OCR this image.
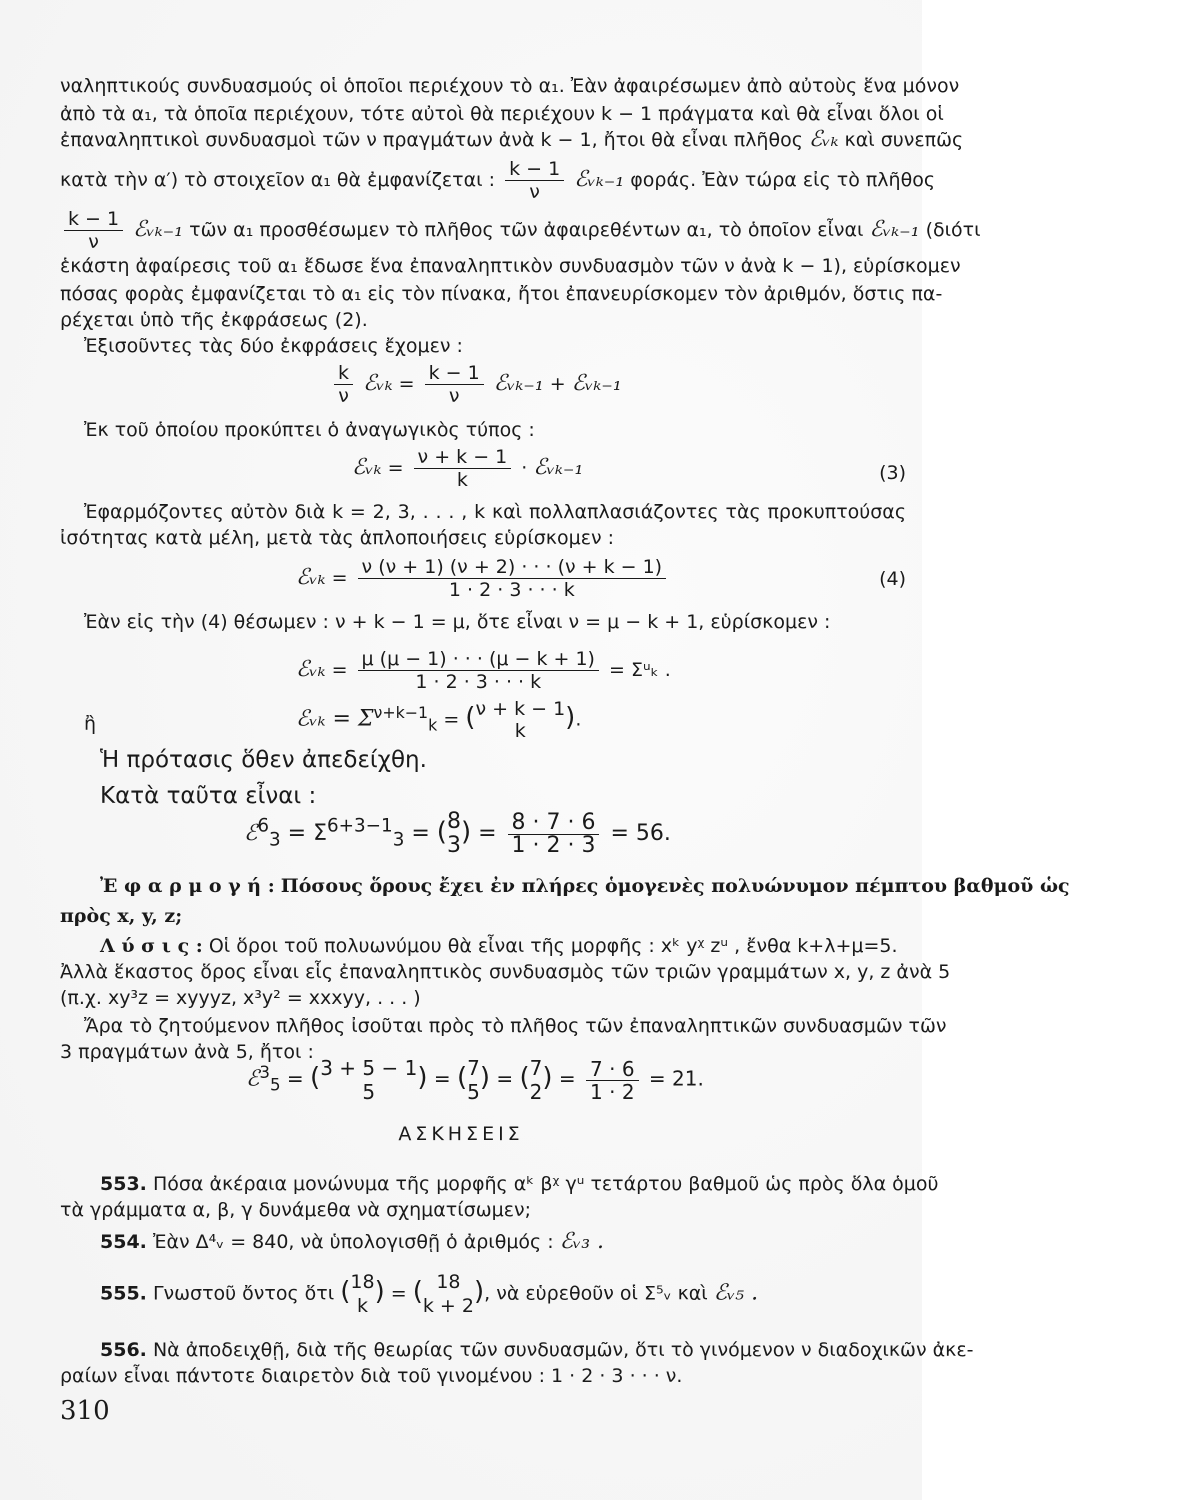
ναληπτικούς συνδυασμούς οἱ ὁποῖοι περιέχουν τὸ α₁. Ἐὰν ἀφαιρέσωμεν ἀπὸ αὐτοὺς ἕνα μόνον
ἀπὸ τὰ α₁, τὰ ὁποῖα περιέχουν, τότε αὐτοὶ θὰ περιέχουν k − 1 πράγματα καὶ θὰ εἶναι ὅλοι οἱ
ἐπαναληπτικοὶ συνδυασμοὶ τῶν ν πραγμάτων ἀνὰ k − 1, ἤτοι θὰ εἶναι πλῆθος ℰᵥₖ καὶ συνεπῶς
κατὰ τὴν α′) τὸ στοιχεῖον α₁ θὰ ἐμφανίζεται : $\frac{k - 1}{\nu}$ ℰᵥₖ₋₁ φοράς. Ἐὰν τώρα εἰς τὸ πλῆθος
$\frac{k - 1}{\nu}$ ℰᵥₖ₋₁ τῶν α₁ προσθέσωμεν τὸ πλῆθος τῶν ἀφαιρεθέντων α₁, τὸ ὁποῖον εἶναι ℰᵥₖ₋₁ (διότι
ἑκάστη ἀφαίρεσις τοῦ α₁ ἔδωσε ἕνα ἐπαναληπτικὸν συνδυασμὸν τῶν ν ἀνὰ k − 1), εὑρίσκομεν
πόσας φορὰς ἐμφανίζεται τὸ α₁ εἰς τὸν πίνακα, ἤτοι ἐπανευρίσκομεν τὸν ἀριθμόν, ὅστις πα-
ρέχεται ὑπὸ τῆς ἐκφράσεως (2).
Ἐξισοῦντες τὰς δύο ἐκφράσεις ἔχομεν :
$\frac{k}{\nu}$ ℰᵥₖ = $\frac{k - 1}{\nu}$ ℰᵥₖ₋₁ + ℰᵥₖ₋₁
Ἐκ τοῦ ὁποίου προκύπτει ὁ ἀναγωγικὸς τύπος :
ℰᵥₖ = $\frac{\nu + k - 1}{k}$ · ℰᵥₖ₋₁	(3)
Ἐφαρμόζοντες αὐτὸν διὰ k = 2, 3, . . . , k καὶ πολλαπλασιάζοντες τὰς προκυπτούσας
ἰσότητας κατὰ μέλη, μετὰ τὰς ἁπλοποιήσεις εὑρίσκομεν :
ℰᵥₖ = $\frac{\nu (\nu + 1) (\nu + 2) \cdot \cdot \cdot (\nu + k - 1)}{1 \cdot 2 \cdot 3 \cdot \cdot \cdot k}$	(4)
Ἐὰν εἰς τὴν (4) θέσωμεν : ν + k − 1 = μ, ὅτε εἶναι ν = μ − k + 1, εὑρίσκομεν :
ℰᵥₖ = $\frac{\mu (\mu - 1) \cdot \cdot \cdot (\mu - k + 1)}{1 \cdot 2 \cdot 3 \cdot \cdot \cdot k}$ = Σᵘₖ .
ἢ	ℰᵥₖ = $\Sigma^{\nu+k-1}_k$ = ( ν + k − 1
k ).
Ἡ πρότασις ὅθεν ἀπεδείχθη.
Κατὰ ταῦτα εἶναι :
ℰ$^6_3$ = $\Sigma^{6+3-1}_3$ = ( 8
3 ) = $\frac{8 \cdot 7 \cdot 6}{1 \cdot 2 \cdot 3} = 56$.
Ἐ φ α ρ μ ο γ ή : Πόσους ὅρους ἔχει ἐν πλήρες ὁμογενὲς πολυώνυμον πέμπτου βαθμοῦ ὡς
πρὸς x, y, z;
Λ ύ σ ι ς : Οἱ ὅροι τοῦ πολυωνύμου θὰ εἶναι τῆς μορφῆς : xᵏ yᵡ zᵘ , ἔνθα k+λ+μ=5.
Ἀλλὰ ἕκαστος ὅρος εἶναι εἷς ἐπαναληπτικὸς συνδυασμὸς τῶν τριῶν γραμμάτων x, y, z ἀνὰ 5
(π.χ. xy³z = xyyyz, x³y² = xxxyy, . . . )
Ἄρα τὸ ζητούμενον πλῆθος ἰσοῦται πρὸς τὸ πλῆθος τῶν ἐπαναληπτικῶν συνδυασμῶν τῶν
3 πραγμάτων ἀνὰ 5, ἤτοι :
ℰ$^3_5$ = ( 3 + 5 − 1
5 ) = ( 7
5 ) = ( 7
2 ) = $\frac{7 \cdot 6}{1 \cdot 2} = 21$.
ΑΣΚΗΣΕΙΣ
553. Πόσα ἀκέραια μονώνυμα τῆς μορφῆς αᵏ βᵡ γᵘ τετάρτου βαθμοῦ ὡς πρὸς ὅλα ὁμοῦ
τὰ γράμματα α, β, γ δυνάμεθα νὰ σχηματίσωμεν;
554. Ἐὰν Δ⁴ᵥ = 840, νὰ ὑπολογισθῇ ὁ ἀριθμός : ℰᵥ₃ .
555. Γνωστοῦ ὄντος ὅτι ( 18
k ) = ( 18
k + 2 ), νὰ εὑρεθοῦν οἱ Σ⁵ᵥ καὶ ℰᵥ₅ .
556. Νὰ ἀποδειχθῇ, διὰ τῆς θεωρίας τῶν συνδυασμῶν, ὅτι τὸ γινόμενον ν διαδοχικῶν ἀκε-
ραίων εἶναι πάντοτε διαιρετὸν διὰ τοῦ γινομένου : 1 · 2 · 3 · · · ν.
310
